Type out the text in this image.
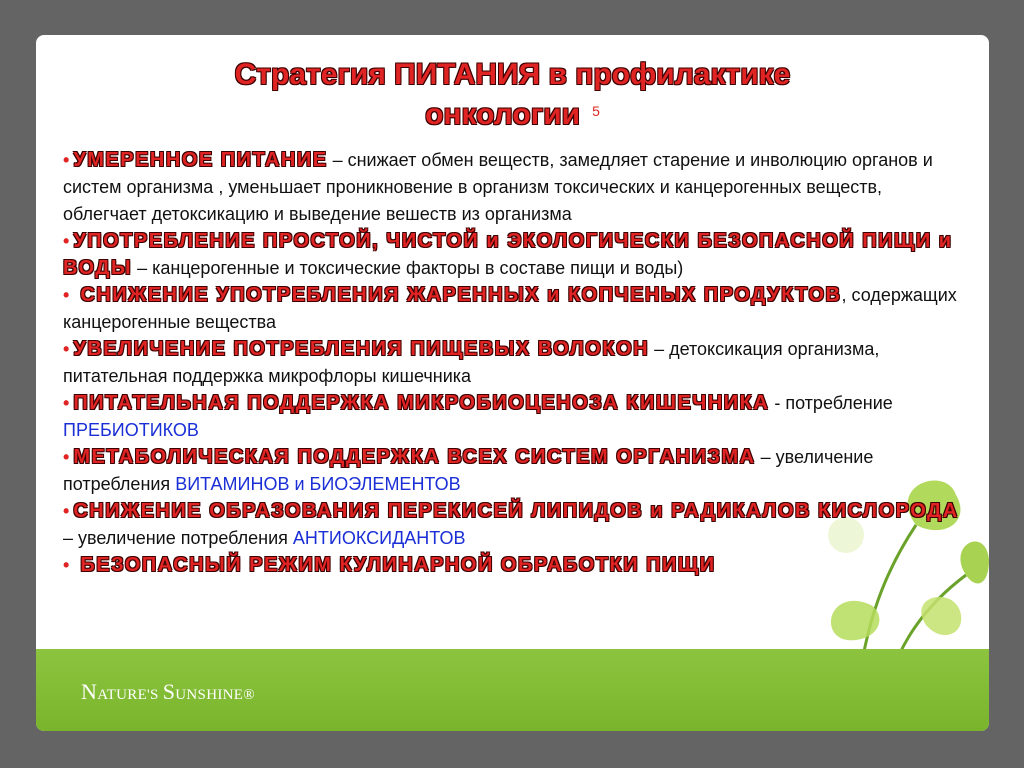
NATURE'S SUNSHINE®
Стратегия ПИТАНИЯ в профилактике
онкологии $^5$

• УМЕРЕННОЕ ПИТАНИЕ – снижает обмен веществ, замедляет старение и инволюцию органов и систем организма , уменьшает проникновение в организм токсических и канцерогенных веществ, облегчает детоксикацию и выведение вешеств из организма

• УПОТРЕБЛЕНИЕ ПРОСТОЙ, ЧИСТОЙ и ЭКОЛОГИЧЕСКИ БЕЗОПАСНОЙ ПИЩИ и ВОДЫ – канцерогенные и токсические факторы в составе пищи и воды)

• СНИЖЕНИЕ УПОТРЕБЛЕНИЯ ЖАРЕННЫХ и КОПЧЕНЫХ ПРОДУКТОВ, содержащих канцерогенные вещества

• УВЕЛИЧЕНИЕ ПОТРЕБЛЕНИЯ ПИЩЕВЫХ ВОЛОКОН – детоксикация организма, питательная поддержка микрофлоры кишечника

• ПИТАТЕЛЬНАЯ ПОДДЕРЖКА МИКРОБИОЦЕНОЗА КИШЕЧНИКА - потребление ПРЕБИОТИКОВ

• МЕТАБОЛИЧЕСКАЯ ПОДДЕРЖКА ВСЕХ СИСТЕМ ОРГАНИЗМА – увеличение потребления ВИТАМИНОВ и БИОЭЛЕМЕНТОВ

• СНИЖЕНИЕ ОБРАЗОВАНИЯ ПЕРЕКИСЕЙ ЛИПИДОВ и РАДИКАЛОВ КИСЛОРОДА – увеличение потребления АНТИОКСИДАНТОВ

• БЕЗОПАСНЫЙ РЕЖИМ КУЛИНАРНОЙ ОБРАБОТКИ ПИЩИ
